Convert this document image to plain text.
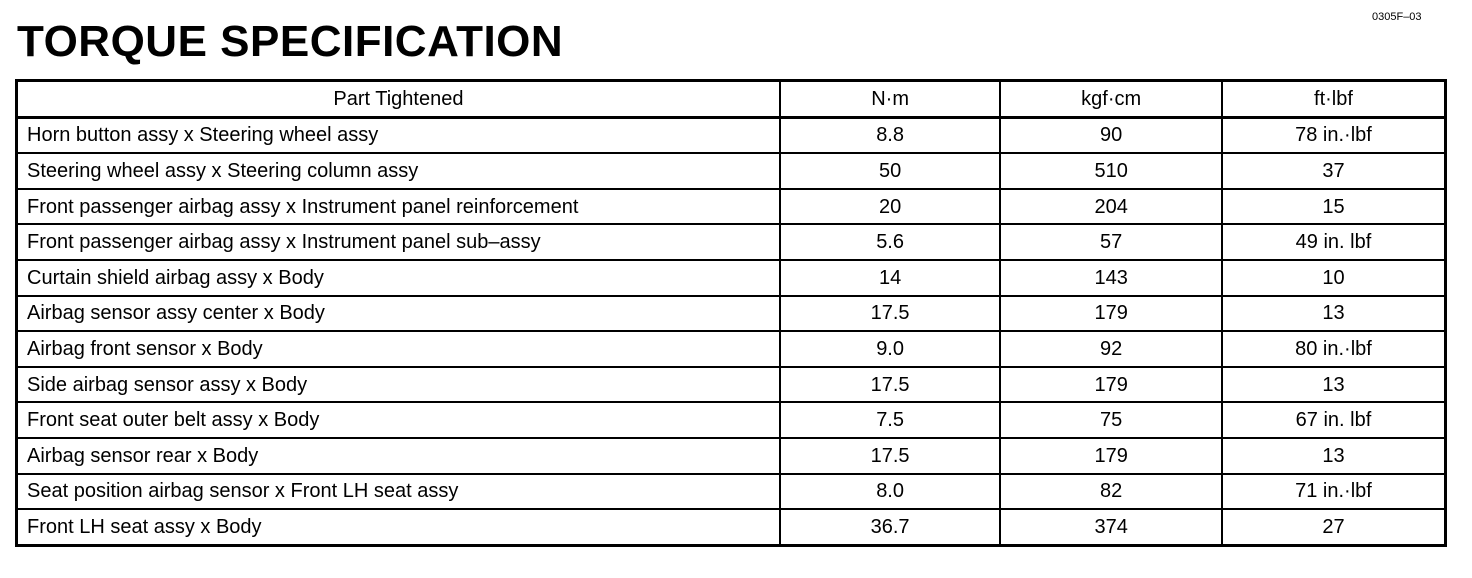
0305F–03
TORQUE SPECIFICATION
Part Tightened	N·m	kgf·cm	ft·lbf
Horn button assy x Steering wheel assy	8.8	90	78 in.·lbf
Steering wheel assy x Steering column assy	50	510	37
Front passenger airbag assy x Instrument panel reinforcement	20	204	15
Front passenger airbag assy x Instrument panel sub–assy	5.6	57	49 in. lbf
Curtain shield airbag assy x Body	14	143	10
Airbag sensor assy center x Body	17.5	179	13
Airbag front sensor x Body	9.0	92	80 in.·lbf
Side airbag sensor assy x Body	17.5	179	13
Front seat outer belt assy x Body	7.5	75	67 in. lbf
Airbag sensor rear x Body	17.5	179	13
Seat position airbag sensor x Front LH seat assy	8.0	82	71 in.·lbf
Front LH seat assy x Body	36.7	374	27
